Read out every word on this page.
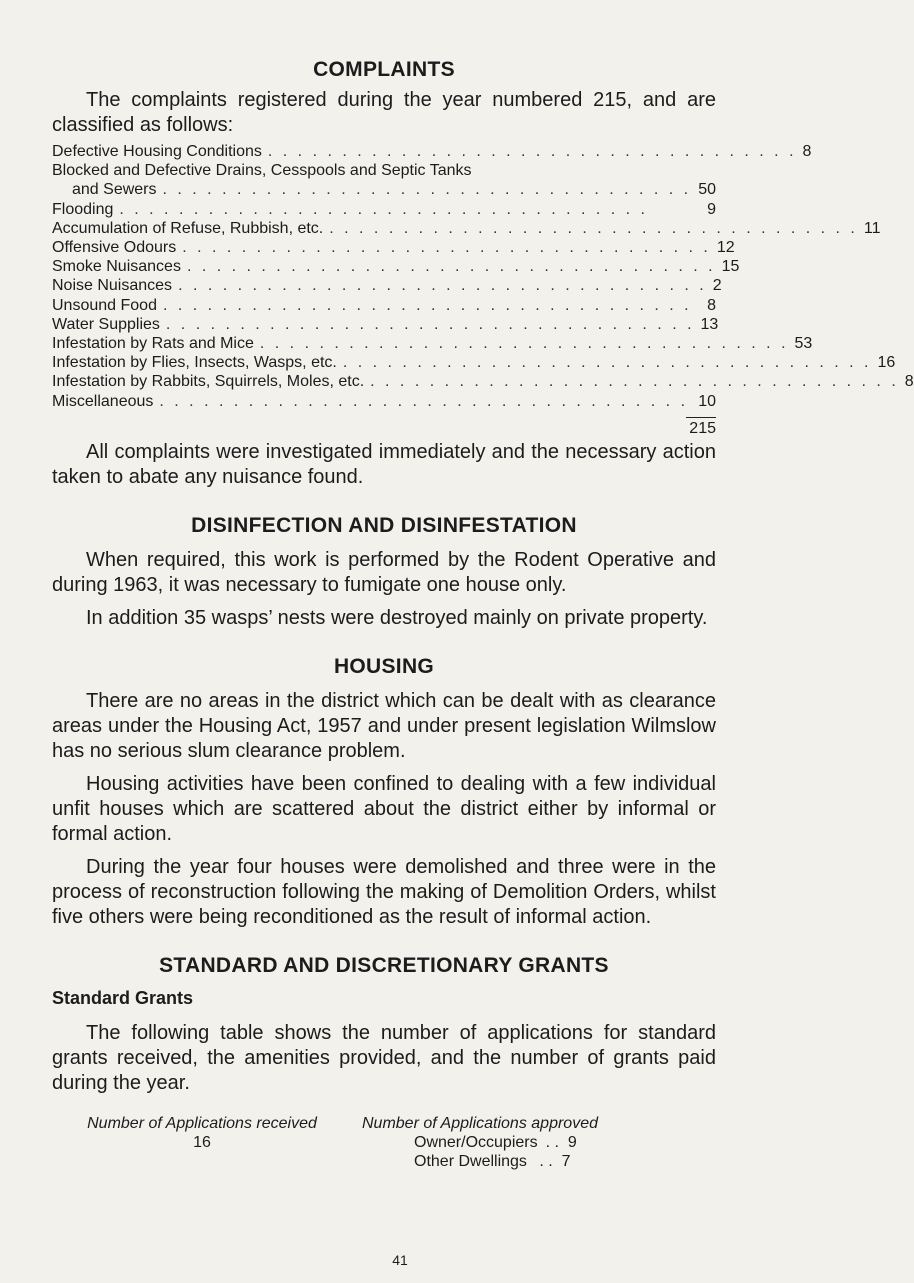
COMPLAINTS

The complaints registered during the year numbered 215, and are classified as follows:

Defective Housing Conditions . . . . . . . . . . . . . . . . . . . . . . . . . . . . . . . . . . . . 8
Blocked and Defective Drains, Cesspools and Septic Tanks
and Sewers . . . . . . . . . . . . . . . . . . . . . . . . . . . . . . . . . . . . 50
Flooding . . . . . . . . . . . . . . . . . . . . . . . . . . . . . . . . . . . .	9
Accumulation of Refuse, Rubbish, etc. . . . . . . . . . . . . . . . . . . . . . . . . . . . . . . . . . . . . 11
Offensive Odours . . . . . . . . . . . . . . . . . . . . . . . . . . . . . . . . . . . . 12
Smoke Nuisances . . . . . . . . . . . . . . . . . . . . . . . . . . . . . . . . . . . . 15
Noise Nuisances . . . . . . . . . . . . . . . . . . . . . . . . . . . . . . . . . . . . 2
Unsound Food . . . . . . . . . . . . . . . . . . . . . . . . . . . . . . . . . . . . 8
Water Supplies . . . . . . . . . . . . . . . . . . . . . . . . . . . . . . . . . . . . 13
Infestation by Rats and Mice . . . . . . . . . . . . . . . . . . . . . . . . . . . . . . . . . . . . 53
Infestation by Flies, Insects, Wasps, etc. . . . . . . . . . . . . . . . . . . . . . . . . . . . . . . . . . . . . 16
Infestation by Rabbits, Squirrels, Moles, etc. . . . . . . . . . . . . . . . . . . . . . . . . . . . . . . . . . . . . 8
Miscellaneous . . . . . . . . . . . . . . . . . . . . . . . . . . . . . . . . . . . . 10
215

All complaints were investigated immediately and the necessary action taken to abate any nuisance found.

DISINFECTION AND DISINFESTATION

When required, this work is performed by the Rodent Operative and during 1963, it was necessary to fumigate one house only.

In addition 35 wasps’ nests were destroyed mainly on private property.

HOUSING

There are no areas in the district which can be dealt with as clearance areas under the Housing Act, 1957 and under present legislation Wilmslow has no serious slum clearance problem.

Housing activities have been confined to dealing with a few individual unfit houses which are scattered about the district either by informal or formal action.

During the year four houses were demolished and three were in the process of reconstruction following the making of Demolition Orders, whilst five others were being reconditioned as the result of informal action.

STANDARD AND DISCRETIONARY GRANTS
Standard Grants

The following table shows the number of applications for standard grants received, the amenities provided, and the number of grants paid during the year.

Number of Applications received
16
Number of Applications approved
Owner/Occupiers . .  9
Other Dwellings . .  7
41
